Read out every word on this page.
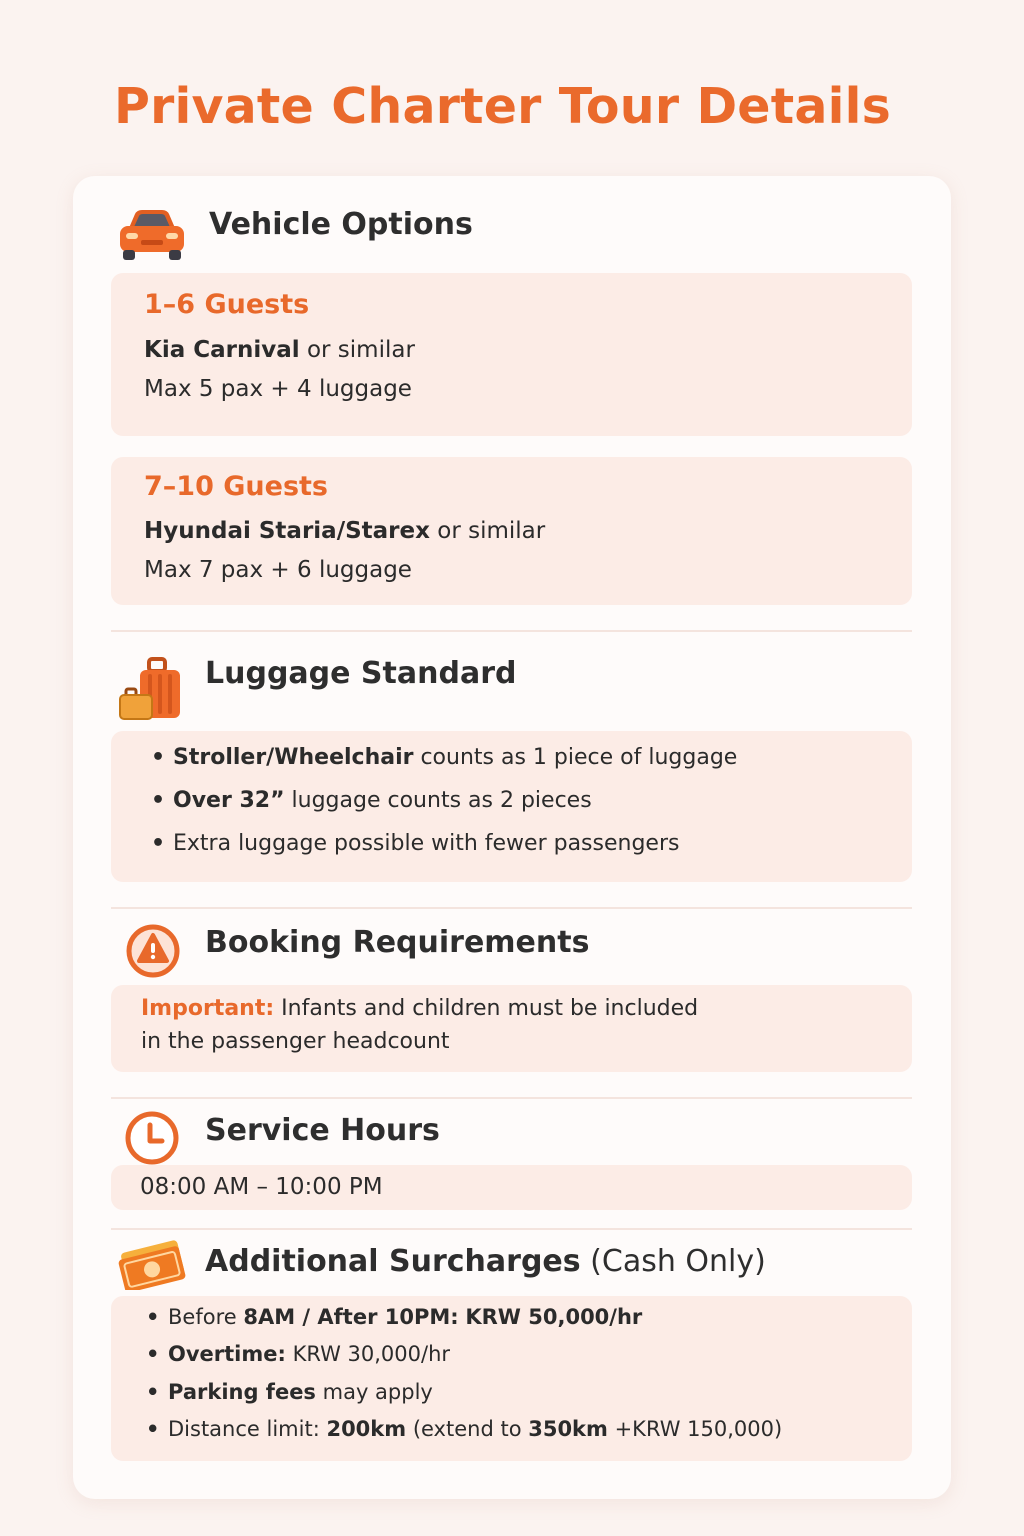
Private Charter Tour Details
Vehicle Options
1–6 Guests
Kia Carnival or similar
Max 5 pax + 4 luggage
7–10 Guests
Hyundai Staria/Starex or similar
Max 7 pax + 6 luggage
Luggage Standard
• Stroller/Wheelchair counts as 1 piece of luggage
• Over 32” luggage counts as 2 pieces
• Extra luggage possible with fewer passengers
Booking Requirements
Important: Infants and children must be included
in the passenger headcount
Service Hours
08:00 AM – 10:00 PM
Additional Surcharges (Cash Only)
• Before 8AM / After 10PM: KRW 50,000/hr
• Overtime: KRW 30,000/hr
• Parking fees may apply
• Distance limit: 200km (extend to 350km +KRW 150,000)
